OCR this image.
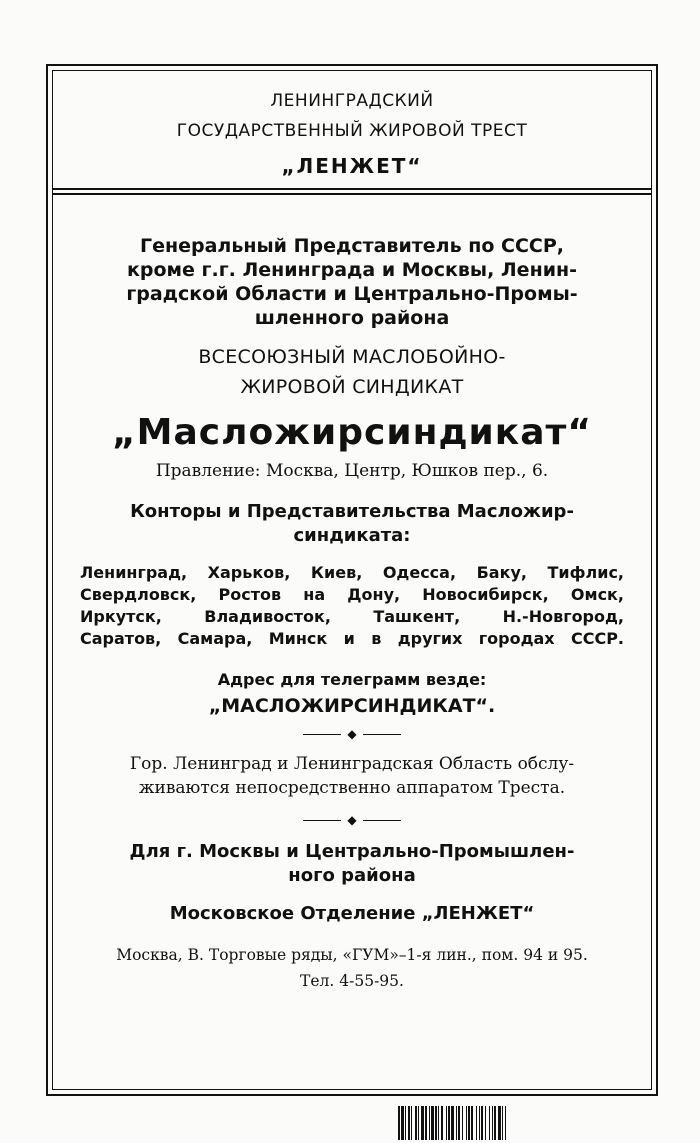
ЛЕНИНГРАДСКИЙ
ГОСУДАРСТВЕННЫЙ ЖИРОВОЙ ТРЕСТ
„ЛЕНЖЕТ“
Генеральный Представитель по СССР,
кроме г.г. Ленинграда и Москвы, Ленин-
градской Области и Центрально-Промы-
шленного района
ВСЕСОЮЗНЫЙ МАСЛОБОЙНО-
ЖИРОВОЙ СИНДИКАТ
„Масложирсиндикат“
Правление: Москва, Центр, Юшков пер., 6.
Конторы и Представительства Масложир-
синдиката:
Ленинград, Харьков, Киев, Одесса, Баку, Тифлис,
Свердловск, Ростов на Дону, Новосибирск, Омск,
Иркутск, Владивосток, Ташкент, Н.-Новгород,
Саратов, Самара, Минск и в других городах СССР.
Адрес для телеграмм везде:
„МАСЛОЖИРСИНДИКАТ“.
◆
Гор. Ленинград и Ленинградская Область обслу-
живаются непосредственно аппаратом Треста.
◆
Для г. Москвы и Центрально-Промышлен-
ного района
Московское Отделение „ЛЕНЖЕТ“
Москва, В. Торговые ряды, «ГУМ»–1-я лин., пом. 94 и 95.
Тел. 4-55-95.
